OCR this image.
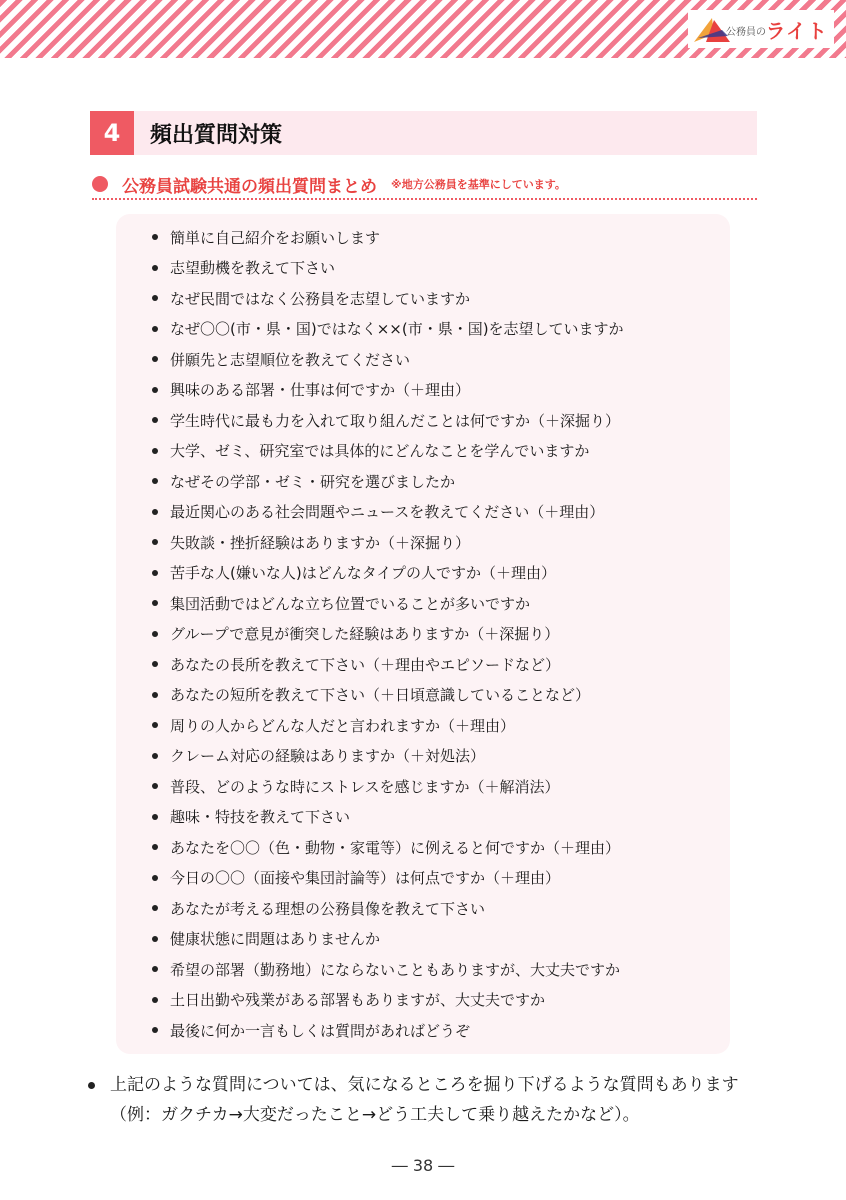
公務員の ライト
4	頻出質問対策
公務員試験共通の頻出質問まとめ ※地方公務員を基準にしています。
簡単に自己紹介をお願いします
志望動機を教えて下さい
なぜ民間ではなく公務員を志望していますか
なぜ〇〇(市・県・国)ではなく××(市・県・国)を志望していますか
併願先と志望順位を教えてください
興味のある部署・仕事は何ですか（＋理由）
学生時代に最も力を入れて取り組んだことは何ですか（＋深掘り）
大学、ゼミ、研究室では具体的にどんなことを学んでいますか
なぜその学部・ゼミ・研究を選びましたか
最近関心のある社会問題やニュースを教えてください（＋理由）
失敗談・挫折経験はありますか（＋深掘り）
苦手な人(嫌いな人)はどんなタイプの人ですか（＋理由）
集団活動ではどんな立ち位置でいることが多いですか
グループで意見が衝突した経験はありますか（＋深掘り）
あなたの長所を教えて下さい（＋理由やエピソードなど）
あなたの短所を教えて下さい（＋日頃意識していることなど）
周りの人からどんな人だと言われますか（＋理由）
クレーム対応の経験はありますか（＋対処法）
普段、どのような時にストレスを感じますか（＋解消法）
趣味・特技を教えて下さい
あなたを〇〇（色・動物・家電等）に例えると何ですか（＋理由）
今日の〇〇（面接や集団討論等）は何点ですか（＋理由）
あなたが考える理想の公務員像を教えて下さい
健康状態に問題はありませんか
希望の部署（勤務地）にならないこともありますが、大丈夫ですか
土日出勤や残業がある部署もありますが、大丈夫ですか
最後に何か一言もしくは質問があればどうぞ
上記のような質問については、気になるところを掘り下げるような質問もあります（例：ガクチカ→大変だったこと→どう工夫して乗り越えたかなど）。
― 38 ―
